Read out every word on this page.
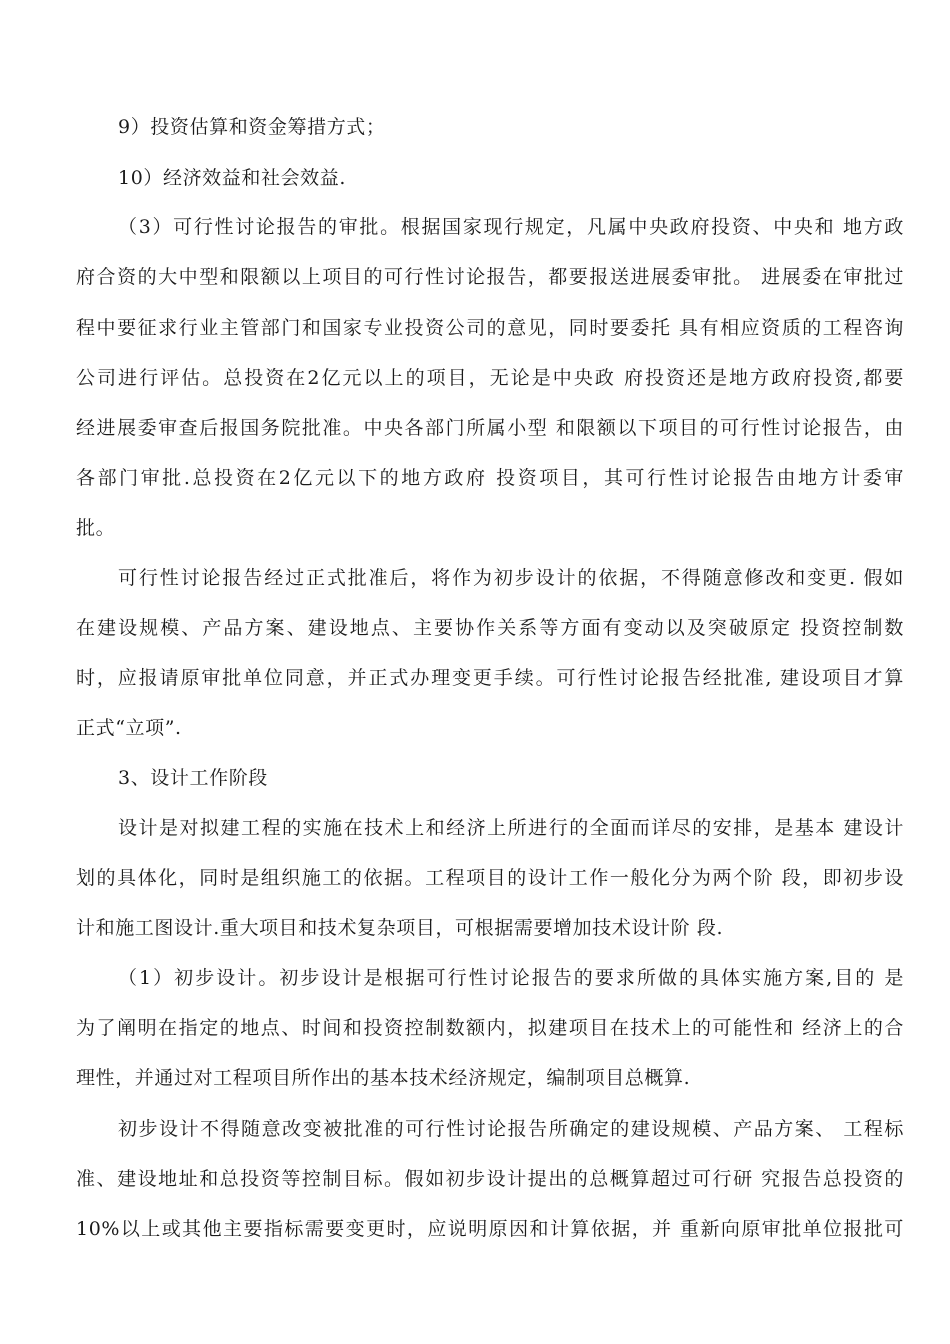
9）投资估算和资金筹措方式；
10）经济效益和社会效益.
（3）可行性讨论报告的审批。根据国家现行规定，凡属中央政府投资、中央和 地方政
府合资的大中型和限额以上项目的可行性讨论报告，都要报送进展委审批。 进展委在审批过
程中要征求行业主管部门和国家专业投资公司的意见，同时要委托 具有相应资质的工程咨询
公司进行评估。总投资在2亿元以上的项目，无论是中央政 府投资还是地方政府投资,都要
经进展委审查后报国务院批准。中央各部门所属小型 和限额以下项目的可行性讨论报告，由
各部门审批.总投资在2亿元以下的地方政府 投资项目，其可行性讨论报告由地方计委审
批。
可行性讨论报告经过正式批准后，将作为初步设计的依据，不得随意修改和变更. 假如
在建设规模、产品方案、建设地点、主要协作关系等方面有变动以及突破原定 投资控制数
时，应报请原审批单位同意，并正式办理变更手续。可行性讨论报告经批准, 建设项目才算
正式“立项”.
3、设计工作阶段
设计是对拟建工程的实施在技术上和经济上所进行的全面而详尽的安排，是基本 建设计
划的具体化，同时是组织施工的依据。工程项目的设计工作一般化分为两个阶 段，即初步设
计和施工图设计.重大项目和技术复杂项目，可根据需要增加技术设计阶 段.
（1）初步设计。初步设计是根据可行性讨论报告的要求所做的具体实施方案,目的 是
为了阐明在指定的地点、时间和投资控制数额内，拟建项目在技术上的可能性和 经济上的合
理性，并通过对工程项目所作出的基本技术经济规定，编制项目总概算.
初步设计不得随意改变被批准的可行性讨论报告所确定的建设规模、产品方案、 工程标
准、建设地址和总投资等控制目标。假如初步设计提出的总概算超过可行研 究报告总投资的
10%以上或其他主要指标需要变更时，应说明原因和计算依据，并 重新向原审批单位报批可
